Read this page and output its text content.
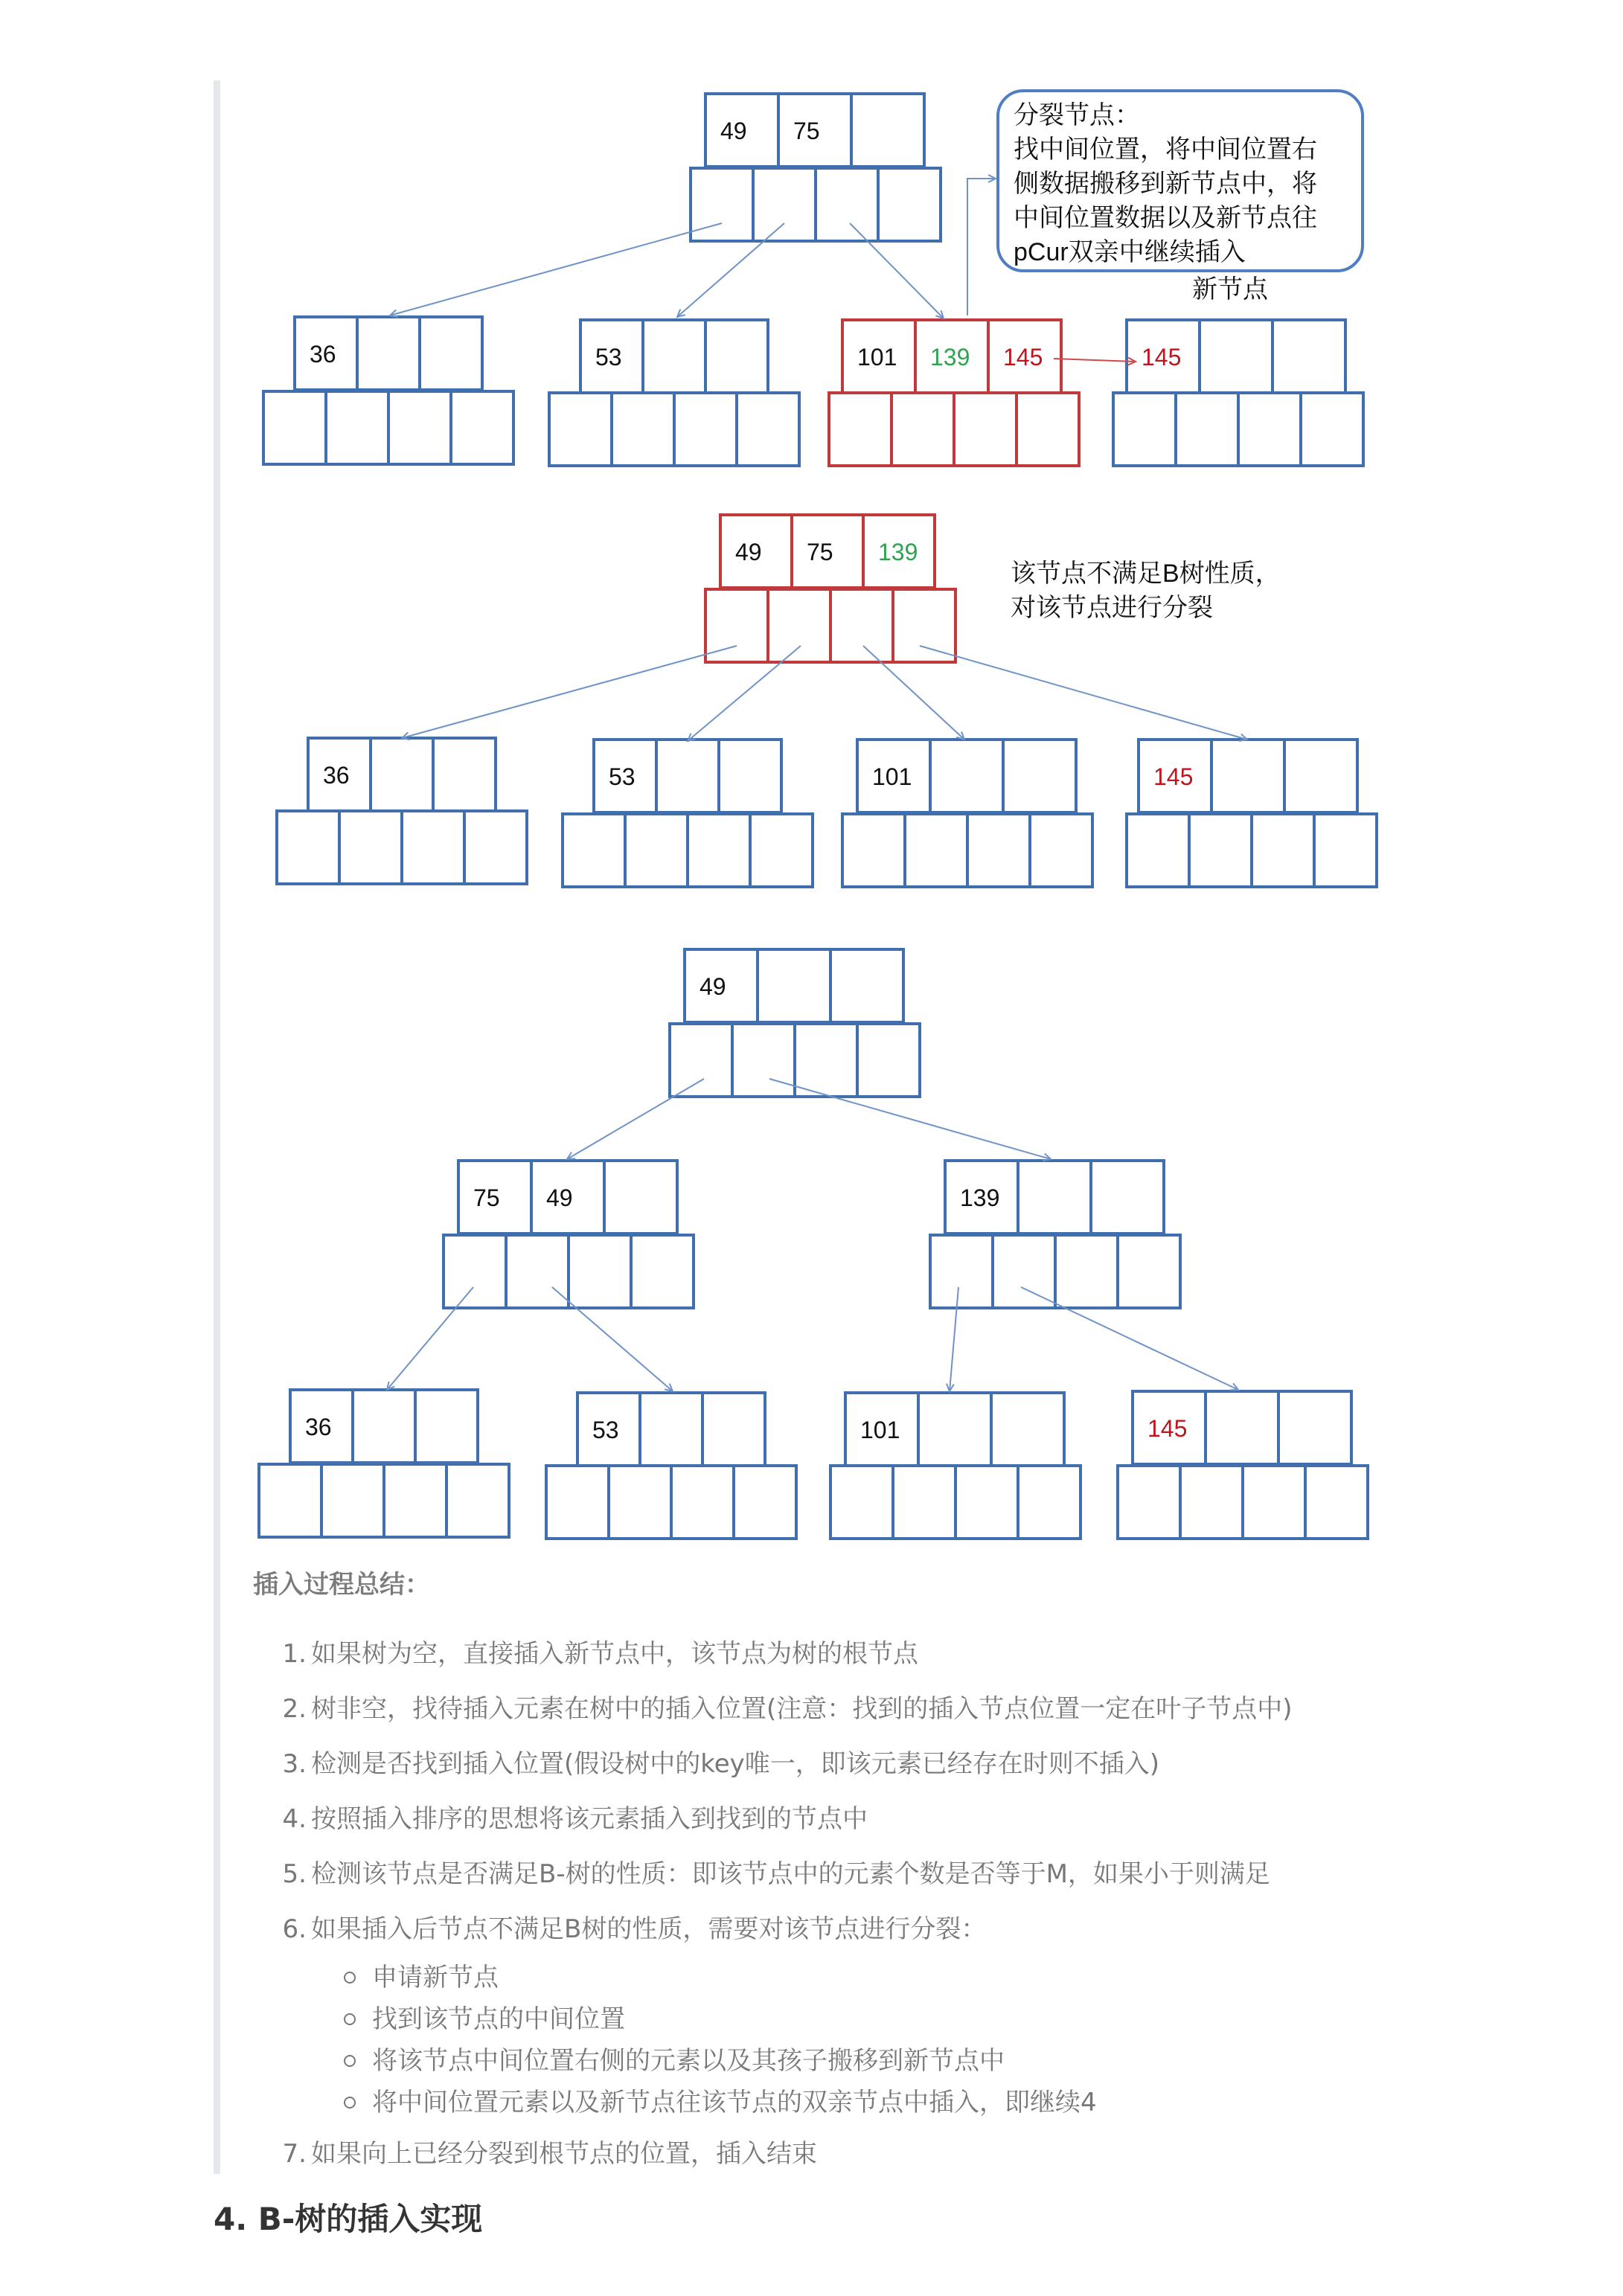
49 75
36	53	101 139 145	145
49 75 139
36	53	101	145
49
75 49	139
36	53	101	145
分裂节点：
找中间位置，将中间位置右
侧数据搬移到新节点中，将
中间位置数据以及新节点往
pCur双亲中继续插入
新节点
该节点不满足B树性质，
对该节点进行分裂
插入过程总结：
1. 如果树为空，直接插入新节点中，该节点为树的根节点
2. 树非空，找待插入元素在树中的插入位置(注意：找到的插入节点位置一定在叶子节点中)
3. 检测是否找到插入位置(假设树中的key唯一，即该元素已经存在时则不插入)
4. 按照插入排序的思想将该元素插入到找到的节点中
5. 检测该节点是否满足B-树的性质：即该节点中的元素个数是否等于M，如果小于则满足
6. 如果插入后节点不满足B树的性质，需要对该节点进行分裂：
申请新节点
找到该节点的中间位置
将该节点中间位置右侧的元素以及其孩子搬移到新节点中
将中间位置元素以及新节点往该节点的双亲节点中插入，即继续4
7. 如果向上已经分裂到根节点的位置，插入结束
4. B-树的插入实现
